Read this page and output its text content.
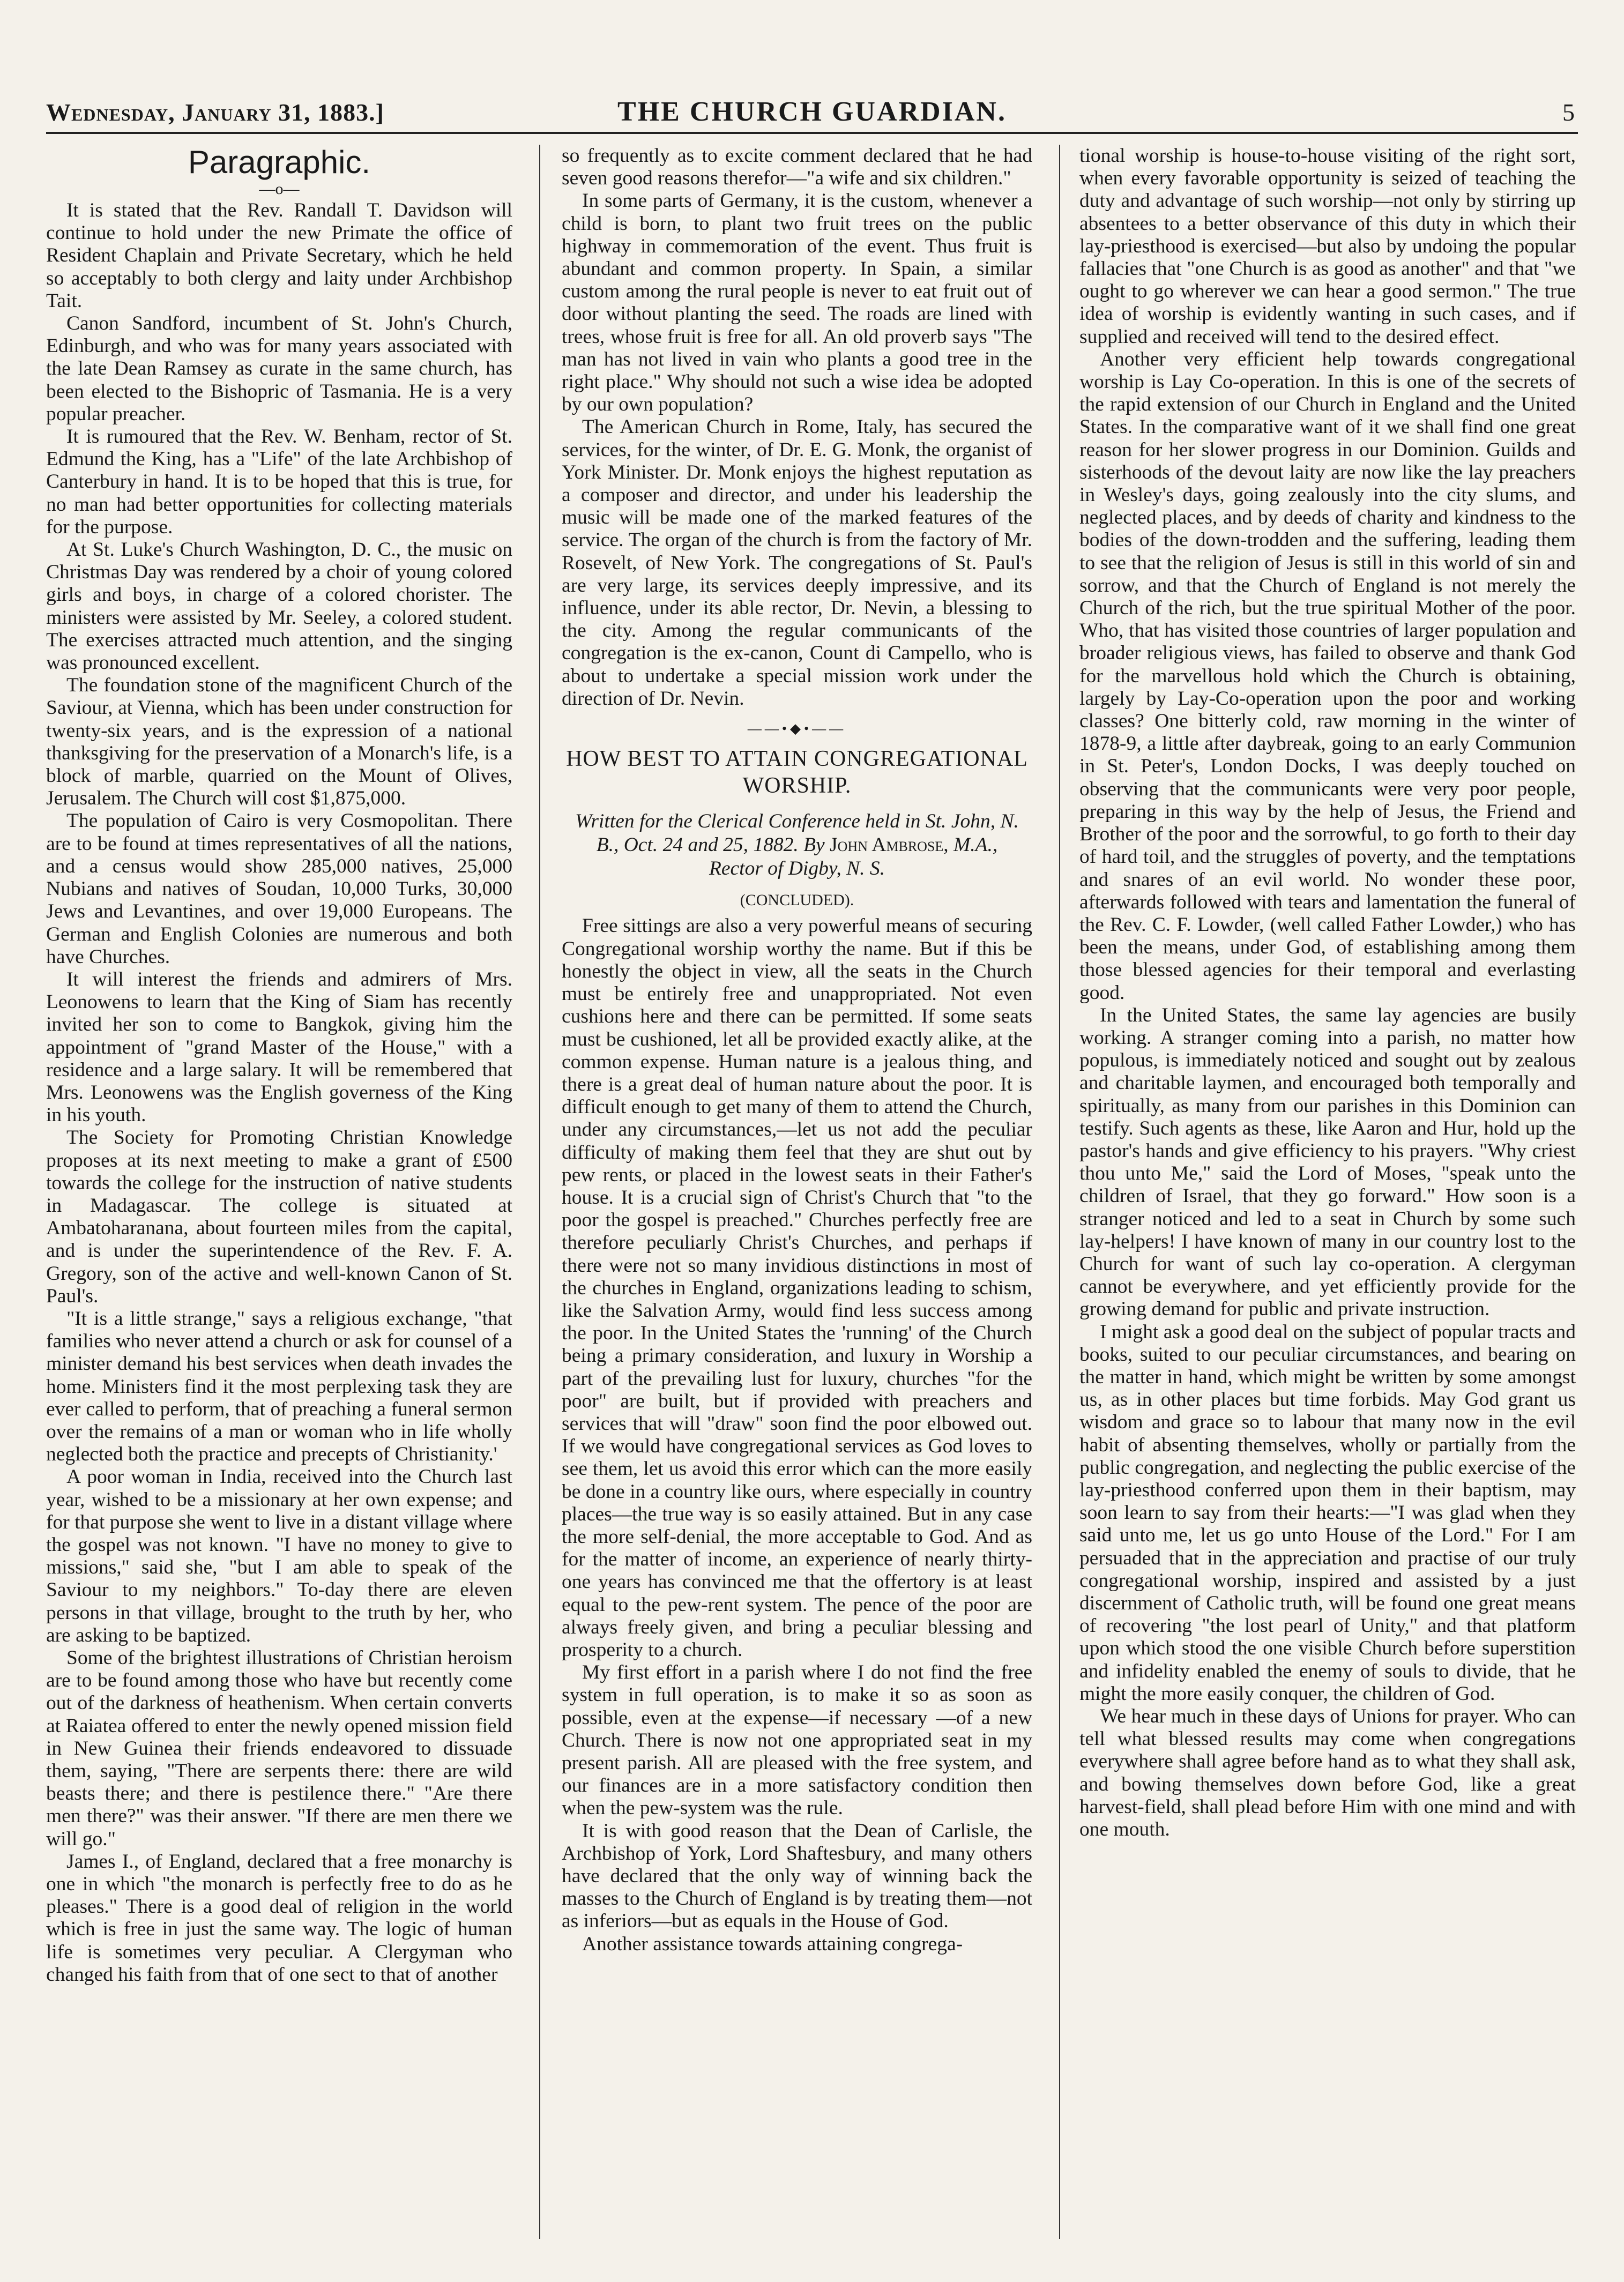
Wednesday, January 31, 1883.]	THE CHURCH GUARDIAN.	5
Paragraphic.
—o—

It is stated that the Rev. Randall T. Davidson will continue to hold under the new Primate the office of Resident Chaplain and Private Secretary, which he held so acceptably to both clergy and laity under Archbishop Tait.

Canon Sandford, incumbent of St. John's Church, Edinburgh, and who was for many years associated with the late Dean Ramsey as curate in the same church, has been elected to the Bishopric of Tasmania. He is a very popular preacher.

It is rumoured that the Rev. W. Benham, rector of St. Edmund the King, has a "Life" of the late Archbishop of Canterbury in hand. It is to be hoped that this is true, for no man had better opportunities for collecting materials for the purpose.

At St. Luke's Church Washington, D. C., the music on Christmas Day was rendered by a choir of young colored girls and boys, in charge of a colored chorister. The ministers were assisted by Mr. Seeley, a colored student. The exercises attracted much attention, and the singing was pronounced excellent.

The foundation stone of the magnificent Church of the Saviour, at Vienna, which has been under construction for twenty-six years, and is the expression of a national thanksgiving for the preservation of a Monarch's life, is a block of marble, quarried on the Mount of Olives, Jerusalem. The Church will cost $1,875,000.

The population of Cairo is very Cosmopolitan. There are to be found at times representatives of all the nations, and a census would show 285,000 natives, 25,000 Nubians and natives of Soudan, 10,000 Turks, 30,000 Jews and Levantines, and over 19,000 Europeans. The German and English Colonies are numerous and both have Churches.

It will interest the friends and admirers of Mrs. Leonowens to learn that the King of Siam has recently invited her son to come to Bangkok, giving him the appointment of "grand Master of the House," with a residence and a large salary. It will be remembered that Mrs. Leonowens was the English governess of the King in his youth.

The Society for Promoting Christian Knowledge proposes at its next meeting to make a grant of £500 towards the college for the instruction of native students in Madagascar. The college is situated at Ambatoharanana, about fourteen miles from the capital, and is under the superintendence of the Rev. F. A. Gregory, son of the active and well-known Canon of St. Paul's.

"It is a little strange," says a religious exchange, "that families who never attend a church or ask for counsel of a minister demand his best services when death invades the home. Ministers find it the most perplexing task they are ever called to perform, that of preaching a funeral sermon over the remains of a man or woman who in life wholly neglected both the practice and precepts of Christianity.'

A poor woman in India, received into the Church last year, wished to be a missionary at her own expense; and for that purpose she went to live in a distant village where the gospel was not known. "I have no money to give to missions," said she, "but I am able to speak of the Saviour to my neighbors." To-day there are eleven persons in that village, brought to the truth by her, who are asking to be baptized.

Some of the brightest illustrations of Christian heroism are to be found among those who have but recently come out of the darkness of heathenism. When certain converts at Raiatea offered to enter the newly opened mission field in New Guinea their friends endeavored to dissuade them, saying, "There are serpents there: there are wild beasts there; and there is pestilence there." "Are there men there?" was their answer. "If there are men there we will go."

James I., of England, declared that a free monarchy is one in which "the monarch is perfectly free to do as he pleases." There is a good deal of religion in the world which is free in just the same way. The logic of human life is sometimes very peculiar. A Clergyman who changed his faith from that of one sect to that of another

so frequently as to excite comment declared that he had seven good reasons therefor—"a wife and six children."

In some parts of Germany, it is the custom, whenever a child is born, to plant two fruit trees on the public highway in commemoration of the event. Thus fruit is abundant and common property. In Spain, a similar custom among the rural people is never to eat fruit out of door without planting the seed. The roads are lined with trees, whose fruit is free for all. An old proverb says "The man has not lived in vain who plants a good tree in the right place." Why should not such a wise idea be adopted by our own population?

The American Church in Rome, Italy, has secured the services, for the winter, of Dr. E. G. Monk, the organist of York Minister. Dr. Monk enjoys the highest reputation as a composer and director, and under his leadership the music will be made one of the marked features of the service. The organ of the church is from the factory of Mr. Rosevelt, of New York. The congregations of St. Paul's are very large, its services deeply impressive, and its influence, under its able rector, Dr. Nevin, a blessing to the city. Among the regular communicants of the congregation is the ex-canon, Count di Campello, who is about to undertake a special mission work under the direction of Dr. Nevin.

——•◆•——
HOW BEST TO ATTAIN CONGREGATIONAL WORSHIP.
Written for the Clerical Conference held in St. John, N. B., Oct. 24 and 25, 1882. By John Ambrose, M.A., Rector of Digby, N. S.
(CONCLUDED).

Free sittings are also a very powerful means of securing Congregational worship worthy the name. But if this be honestly the object in view, all the seats in the Church must be entirely free and unappropriated. Not even cushions here and there can be permitted. If some seats must be cushioned, let all be provided exactly alike, at the common expense. Human nature is a jealous thing, and there is a great deal of human nature about the poor. It is difficult enough to get many of them to attend the Church, under any circumstances,—let us not add the peculiar difficulty of making them feel that they are shut out by pew rents, or placed in the lowest seats in their Father's house. It is a crucial sign of Christ's Church that "to the poor the gospel is preached." Churches perfectly free are therefore peculiarly Christ's Churches, and perhaps if there were not so many invidious distinctions in most of the churches in England, organizations leading to schism, like the Salvation Army, would find less success among the poor. In the United States the 'running' of the Church being a primary consideration, and luxury in Worship a part of the prevailing lust for luxury, churches "for the poor" are built, but if provided with preachers and services that will "draw" soon find the poor elbowed out. If we would have congregational services as God loves to see them, let us avoid this error which can the more easily be done in a country like ours, where especially in country places—the true way is so easily attained. But in any case the more self-denial, the more acceptable to God. And as for the matter of income, an experience of nearly thirty-one years has convinced me that the offertory is at least equal to the pew-rent system. The pence of the poor are always freely given, and bring a peculiar blessing and prosperity to a church.

My first effort in a parish where I do not find the free system in full operation, is to make it so as soon as possible, even at the expense—if necessary —of a new Church. There is now not one appropriated seat in my present parish. All are pleased with the free system, and our finances are in a more satisfactory condition then when the pew-system was the rule.

It is with good reason that the Dean of Carlisle, the Archbishop of York, Lord Shaftesbury, and many others have declared that the only way of winning back the masses to the Church of England is by treating them—not as inferiors—but as equals in the House of God.

Another assistance towards attaining congrega-

tional worship is house-to-house visiting of the right sort, when every favorable opportunity is seized of teaching the duty and advantage of such worship—not only by stirring up absentees to a better observance of this duty in which their lay-priesthood is exercised—but also by undoing the popular fallacies that "one Church is as good as another" and that "we ought to go wherever we can hear a good sermon." The true idea of worship is evidently wanting in such cases, and if supplied and received will tend to the desired effect.

Another very efficient help towards congregational worship is Lay Co-operation. In this is one of the secrets of the rapid extension of our Church in England and the United States. In the comparative want of it we shall find one great reason for her slower progress in our Dominion. Guilds and sisterhoods of the devout laity are now like the lay preachers in Wesley's days, going zealously into the city slums, and neglected places, and by deeds of charity and kindness to the bodies of the down-trodden and the suffering, leading them to see that the religion of Jesus is still in this world of sin and sorrow, and that the Church of England is not merely the Church of the rich, but the true spiritual Mother of the poor. Who, that has visited those countries of larger population and broader religious views, has failed to observe and thank God for the marvellous hold which the Church is obtaining, largely by Lay-Co-operation upon the poor and working classes? One bitterly cold, raw morning in the winter of 1878-9, a little after daybreak, going to an early Communion in St. Peter's, London Docks, I was deeply touched on observing that the communicants were very poor people, preparing in this way by the help of Jesus, the Friend and Brother of the poor and the sorrowful, to go forth to their day of hard toil, and the struggles of poverty, and the temptations and snares of an evil world. No wonder these poor, afterwards followed with tears and lamentation the funeral of the Rev. C. F. Lowder, (well called Father Lowder,) who has been the means, under God, of establishing among them those blessed agencies for their temporal and everlasting good.

In the United States, the same lay agencies are busily working. A stranger coming into a parish, no matter how populous, is immediately noticed and sought out by zealous and charitable laymen, and encouraged both temporally and spiritually, as many from our parishes in this Dominion can testify. Such agents as these, like Aaron and Hur, hold up the pastor's hands and give efficiency to his prayers. "Why criest thou unto Me," said the Lord of Moses, "speak unto the children of Israel, that they go forward." How soon is a stranger noticed and led to a seat in Church by some such lay-helpers! I have known of many in our country lost to the Church for want of such lay co-operation. A clergyman cannot be everywhere, and yet efficiently provide for the growing demand for public and private instruction.

I might ask a good deal on the subject of popular tracts and books, suited to our peculiar circumstances, and bearing on the matter in hand, which might be written by some amongst us, as in other places but time forbids. May God grant us wisdom and grace so to labour that many now in the evil habit of absenting themselves, wholly or partially from the public congregation, and neglecting the public exercise of the lay-priesthood conferred upon them in their baptism, may soon learn to say from their hearts:—"I was glad when they said unto me, let us go unto House of the Lord." For I am persuaded that in the appreciation and practise of our truly congregational worship, inspired and assisted by a just discernment of Catholic truth, will be found one great means of recovering "the lost pearl of Unity," and that platform upon which stood the one visible Church before superstition and infidelity enabled the enemy of souls to divide, that he might the more easily conquer, the children of God.

We hear much in these days of Unions for prayer. Who can tell what blessed results may come when congregations everywhere shall agree before hand as to what they shall ask, and bowing themselves down before God, like a great harvest-field, shall plead before Him with one mind and with one mouth.
